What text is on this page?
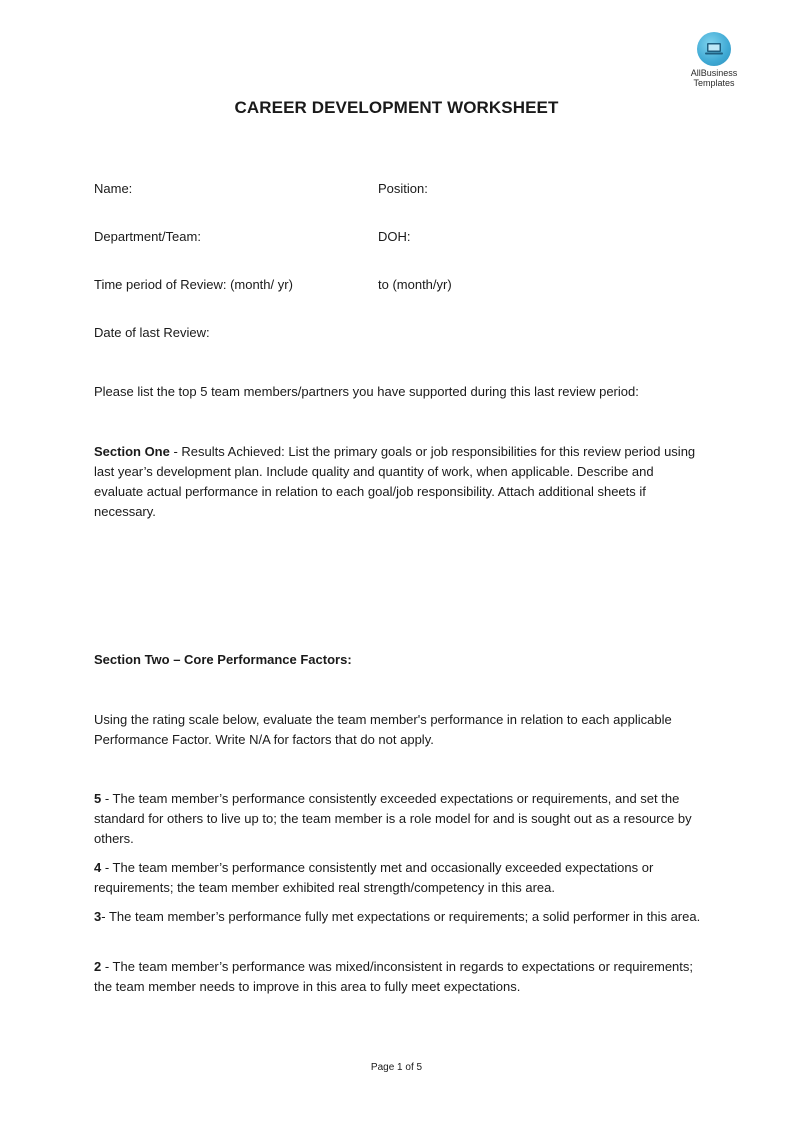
AllBusiness
Templates
CAREER DEVELOPMENT WORKSHEET
Name:	Position:
Department/Team:	DOH:
Time period of Review: (month/ yr)	to (month/yr)
Date of last Review:

Please list the top 5 team members/partners you have supported during this last review period:

Section One - Results Achieved: List the primary goals or job responsibilities for this review period using last year’s development plan. Include quality and quantity of work, when applicable. Describe and evaluate actual performance in relation to each goal/job responsibility. Attach additional sheets if necessary.

Section Two – Core Performance Factors:

Using the rating scale below, evaluate the team member's performance in relation to each applicable Performance Factor. Write N/A for factors that do not apply.

5 - The team member’s performance consistently exceeded expectations or requirements, and set the standard for others to live up to; the team member is a role model for and is sought out as a resource by others.

4 - The team member’s performance consistently met and occasionally exceeded expectations or requirements; the team member exhibited real strength/competency in this area.

3- The team member’s performance fully met expectations or requirements; a solid performer in this area.

2 - The team member’s performance was mixed/inconsistent in regards to expectations or requirements; the team member needs to improve in this area to fully meet expectations.

Page 1 of 5
